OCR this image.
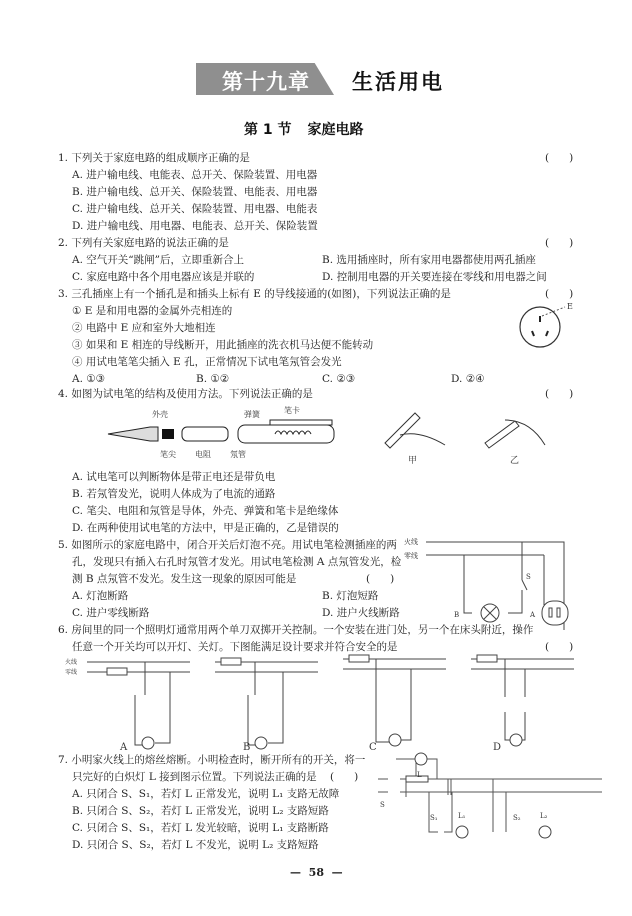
第十九章 生活用电
第 1 节 家庭电路
1. 下列关于家庭电路的组成顺序正确的是	(      )
A. 进户输电线、电能表、总开关、保险装置、用电器
B. 进户输电线、总开关、保险装置、电能表、用电器
C. 进户输电线、总开关、保险装置、用电器、电能表
D. 进户输电线、用电器、电能表、总开关、保险装置
2. 下列有关家庭电路的说法正确的是	(      )
A. 空气开关“跳闸”后，立即重新合上	B. 选用插座时，所有家用电器都使用两孔插座
C. 家庭电路中各个用电器应该是并联的	D. 控制用电器的开关要连接在零线和用电器之间
3. 三孔插座上有一个插孔是和插头上标有 E 的导线接通的(如图)，下列说法正确的是	(      )
① E 是和用电器的金属外壳相连的
② 电路中 E 应和室外大地相连
③ 如果和 E 相连的导线断开，用此插座的洗衣机马达便不能转动
④ 用试电笔笔尖插入 E 孔，正常情况下试电笔氖管会发光
A. ①③	B. ①②	C. ②③	D. ②④
E
4. 如图为试电笔的结构及使用方法。下列说法正确的是	(      )
外壳	笔卡
弹簧
笔尖 电阻 氖管
甲	乙
A. 试电笔可以判断物体是带正电还是带负电
B. 若氖管发光，说明人体成为了电流的通路
C. 笔尖、电阻和氖管是导体，外壳、弹簧和笔卡是绝缘体
D. 在两种使用试电笔的方法中，甲是正确的，乙是错误的
5. 如图所示的家庭电路中，闭合开关后灯泡不亮。用试电笔检测插座的两
孔，发现只有插入右孔时氖管才发光。用试电笔检测 A 点氖管发光，检
测 B 点氖管不发光。发生这一现象的原因可能是	(      )
A. 灯泡断路	B. 灯泡短路
C. 进户零线断路	D. 进户火线断路
火线
零线
S
B	A
6. 房间里的同一个照明灯通常用两个单刀双掷开关控制。一个安装在进门处，另一个在床头附近，操作
任意一个开关均可以开灯、关灯。下图能满足设计要求并符合安全的是	(      )
火线
零线
A	B	C	D
7. 小明家火线上的熔丝熔断。小明检查时，断开所有的开关，将一
只完好的白炽灯 L 接到图示位置。下列说法正确的是 (      )
A. 只闭合 S、S₁，若灯 L 正常发光，说明 L₁ 支路无故障
B. 只闭合 S、S₂，若灯 L 正常发光，说明 L₂ 支路短路
C. 只闭合 S、S₁，若灯 L 发光较暗，说明 L₁ 支路断路
D. 只闭合 S、S₂，若灯 L 不发光，说明 L₂ 支路短路
L
S
S₁	L₁	S₂	L₂
—  58  —
